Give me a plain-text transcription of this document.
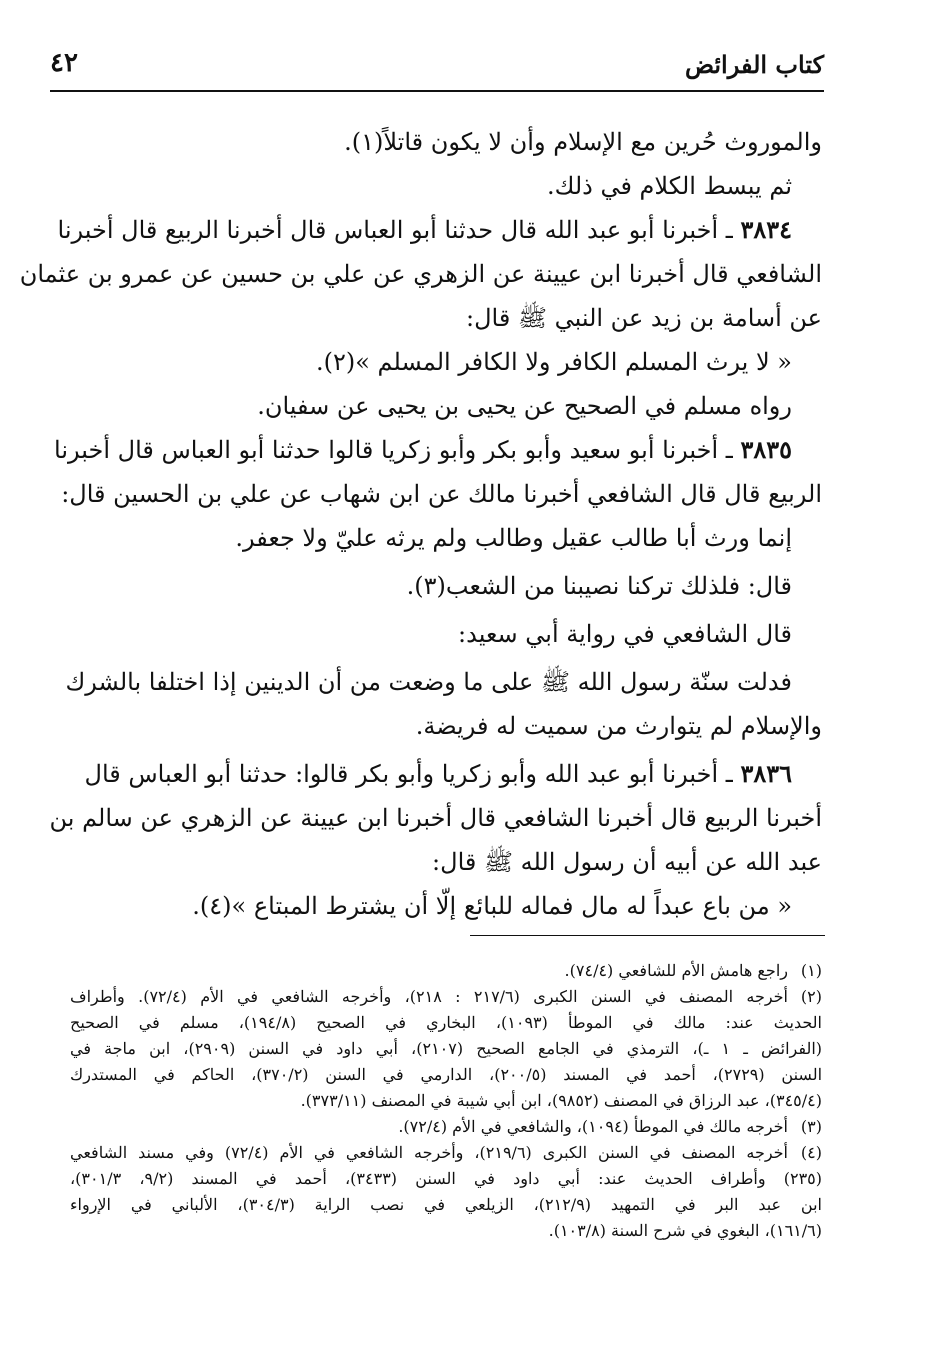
كتاب الفرائض
٤٢
والموروث حُرين مع الإسلام وأن لا يكون قاتلاً(١).
ثم يبسط الكلام في ذلك.
٣٨٣٤ ـ أخبرنا أبو عبد الله قال حدثنا أبو العباس قال أخبرنا الربيع قال أخبرنا
الشافعي قال أخبرنا ابن عيينة عن الزهري عن علي بن حسين عن عمرو بن عثمان
عن أسامة بن زيد عن النبي ﷺ قال:
« لا يرث المسلم الكافر ولا الكافر المسلم »(٢).
رواه مسلم في الصحيح عن يحيى بن يحيى عن سفيان.
٣٨٣٥ ـ أخبرنا أبو سعيد وأبو بكر وأبو زكريا قالوا حدثنا أبو العباس قال أخبرنا
الربيع قال قال الشافعي أخبرنا مالك عن ابن شهاب عن علي بن الحسين قال:
إنما ورث أبا طالب عقيل وطالب ولم يرثه عليّ ولا جعفر.
قال: فلذلك تركنا نصيبنا من الشعب(٣).
قال الشافعي في رواية أبي سعيد:
فدلت سنّة رسول الله ﷺ على ما وضعت من أن الدينين إذا اختلفا بالشرك
والإسلام لم يتوارث من سميت له فريضة.
٣٨٣٦ ـ أخبرنا أبو عبد الله وأبو زكريا وأبو بكر قالوا: حدثنا أبو العباس قال
أخبرنا الربيع قال أخبرنا الشافعي قال أخبرنا ابن عيينة عن الزهري عن سالم بن
عبد الله عن أبيه أن رسول الله ﷺ قال:
« من باع عبداً له مال فماله للبائع إلّا أن يشترط المبتاع »(٤).
(١)راجع هامش الأم للشافعي (٧٤/٤).
(٢)أخرجه المصنف في السنن الكبرى (٢١٧/٦ : ٢١٨)، وأخرجه الشافعي في الأم (٧٢/٤). وأطراف
الحديث عند: مالك في الموطأ (١٠٩٣)، البخاري في الصحيح (١٩٤/٨)، مسلم في الصحيح
(الفرائض ـ ١ ـ)، الترمذي في الجامع الصحيح (٢١٠٧)، أبي داود في السنن (٢٩٠٩)، ابن ماجة في
السنن (٢٧٢٩)، أحمد في المسند (٢٠٠/٥)، الدارمي في السنن (٣٧٠/٢)، الحاكم في المستدرك
(٣٤٥/٤)، عبد الرزاق في المصنف (٩٨٥٢)، ابن أبي شيبة في المصنف (٣٧٣/١١).
(٣)أخرجه مالك في الموطأ (١٠٩٤)، والشافعي في الأم (٧٢/٤).
(٤)أخرجه المصنف في السنن الكبرى (٢١٩/٦)، وأخرجه الشافعي في الأم (٧٢/٤) وفي مسند الشافعي
(٢٣٥) وأطراف الحديث عند: أبي داود في السنن (٣٤٣٣)، أحمد في المسند (٩/٢، ٣٠١/٣)،
ابن عبد البر في التمهيد (٢١٢/٩)، الزيلعي في نصب الراية (٣٠٤/٣)، الألباني في الإرواء
(١٦١/٦)، البغوي في شرح السنة (١٠٣/٨).
